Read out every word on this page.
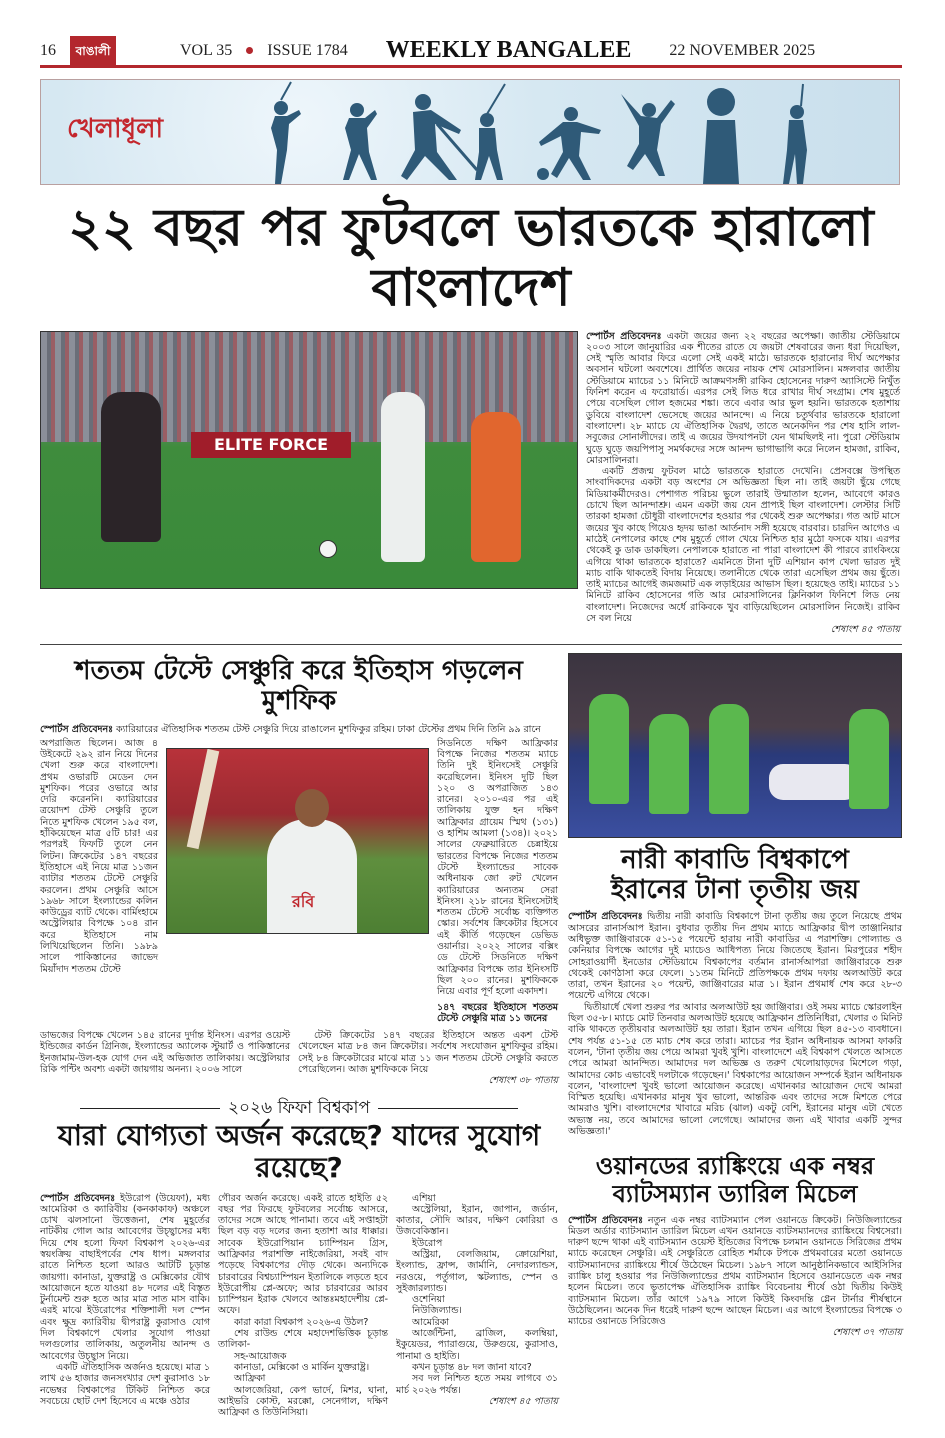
16	বাঙালী	VOL 35 ISSUE 1784 WEEKLY BANGALEE 22 NOVEMBER 2025
খেলাধূলা
২২ বছর পর ফুটবলে ভারতকে হারালো বাংলাদেশ
ELITE FORCE

স্পোর্টস প্রতিবেদনঃ একটা জয়ের জন্য ২২ বছরের অপেক্ষা। জাতীয় স্টেডিয়ামে ২০০৩ সালে জানুয়ারির এক শীতের রাতে যে জয়টা শেষবারের জন্য ধরা দিয়েছিল, সেই স্মৃতি আবার ফিরে এলো সেই একই মাঠে। ভারতকে হারানোর দীর্ঘ অপেক্ষার অবসান ঘটলো অবশেষে। প্রার্থিত জয়ের নায়ক শেখ মোরসালিন। মঙ্গলবার জাতীয় স্টেডিয়ামে ম্যাচের ১১ মিনিটে আক্রমণসঙ্গী রাকিব হোসেনের দারুণ অ্যাসিস্টে নিখুঁত ফিনিশ করেন এ ফরোয়ার্ড। এরপর সেই লিড ধরে রাখার দীর্ঘ সংগ্রাম। শেষ মুহূর্তে পেয়ে বসেছিল গোল হজমের শঙ্কা। তবে এবার আর ভুল হয়নি। ভারতকে হতাশায় ডুবিয়ে বাংলাদেশ ভেসেছে জয়ের আনন্দে। এ নিয়ে চতুর্থবার ভারতকে হারালো বাংলাদেশ। ২৮ ম্যাচে যে ঐতিহাসিক দ্বৈরথ, তাতে অনেকদিন পর শেষ হাসি লাল-সবুজের সোনালীদের। তাই এ জয়ের উদযাপনটা যেন থামছিলই না। পুরো স্টেডিয়াম ঘুড়ে ঘুড়ে জয়পিপাসু সমর্থকদের সঙ্গে আনন্দ ভাগাভাগি করে নিলেন হামজা, রাকিব, মোরসালিনরা।

একটি প্রজন্ম ফুটবল মাঠে ভারতকে হারাতে দেখেনি। প্রেসবক্সে উপস্থিত সাংবাদিকদের একটা বড় অংশের সে অভিজ্ঞতা ছিল না। তাই জয়টা ছুঁয়ে গেছে মিডিয়াকর্মীদেরও। পেশাগত পরিচয় ভুলে তারাই উন্মাতাল হলেন, আবেগে কারও চোখে ছিল আনন্দাশ্রু। এমন একটা জয় যেন প্রাপ্যই ছিল বাংলাদেশ। লেস্টার সিটি তারকা হামজা চৌধুরী বাংলাদেশের হওয়ার পর থেকেই শুরু অপেক্ষার। গত আট মাসে জয়ের খুব কাছে গিয়েও হৃদয় ভাঙা আর্তনাদ সঙ্গী হয়েছে বারবার। চারদিন আগেও এ মাঠেই নেপালের কাছে শেষ মুহূর্তে গোল খেয়ে নিশ্চিত হার মুঠো ফসকে যায়। এরপর থেকেই কু ডাক ডাকছিল। নেপালকে হারাতে না পারা বাংলাদেশ কী পারবে র‍্যাংকিংয়ে এগিয়ে থাকা ভারতকে হারাতে? এমনিতে টানা দুটি এশিয়ান কাপ খেলা ভারত দুই ম্যাচ বাকি থাকতেই বিদায় নিয়েছে। তলানীতে থেকে তারা এসেছিল প্রথম জয় ছুঁতে। তাই ম্যাচের আগেই জমজমাট এক লড়াইয়ের আভাস ছিল। হয়েছেও তাই। ম্যাচের ১১ মিনিটে রাকিব হোসেনের গতি আর মোরসালিনের ক্লিনিকাল ফিনিশে লিড নেয় বাংলাদেশ। নিজেদের অর্ধে রাকিবকে খুব বাড়িয়েছিলেন মোরসালিন নিজেই। রাকিব সে বল নিয়ে

শেষাংশ ৪৫ পাতায়
শততম টেস্টে সেঞ্চুরি করে ইতিহাস গড়লেন মুশফিক
স্পোর্টস প্রতিবেদনঃ ক্যারিয়ারের ঐতিহাসিক শততম টেস্ট সেঞ্চুরি দিয়ে রাঙালেন মুশফিকুর রহিম। ঢাকা টেস্টের প্রথম দিনি তিনি ৯৯ রানে
অপরাজিত ছিলেন। আজ ৪ উইকেটে ২৯২ রান নিয়ে দিনের খেলা শুরু করে বাংলাদেশ। প্রথম ওভারটি মেডেন দেন মুশফিক। পরের ওভারে আর দেরি করেননি। ক্যারিয়ারের ত্রয়োদশ টেস্ট সেঞ্চুরি তুলে নিতে মুশফিক খেলেন ১৯৫ বল, হাঁকিয়েছেন মাত্র ৫টি চার! এর পরপরই ফিফটি তুলে নেন লিটন। ক্রিকেটের ১৪৭ বছরের ইতিহাসে এই নিয়ে মাত্র ১১জন ব্যাটার শততম টেস্টে সেঞ্চুরি করলেন। প্রথম সেঞ্চুরি আসে ১৯৬৮ সালে ইংল্যান্ডের কলিন কাউড্রের ব্যাট থেকে। বার্মিংহামে অস্ট্রেলিয়ার বিপক্ষে ১০৪ রান করে ইতিহাসে নাম লিখিয়েছিলেন তিনি। ১৯৮৯ সালে পাকিস্তানের জাভেদ মিয়াঁদাদ শততম টেস্টে
রবি
সিডনিতে দক্ষিণ আফ্রিকার বিপক্ষে নিজের শততম ম্যাচে তিনি দুই ইনিংসেই সেঞ্চুরি করেছিলেন। ইনিংস দুটি ছিল ১২০ ও অপরাজিত ১৪৩ রানের। ২০১০-এর পর এই তালিকায় যুক্ত হন দক্ষিণ আফ্রিকার গ্রায়েম স্মিথ (১৩১) ও হাশিম আমলা (১৩৪)। ২০২১ সালের ফেব্রুয়ারিতে চেন্নাইয়ে ভারতের বিপক্ষে নিজের শততম টেস্টে ইংল্যান্ডের সাবেক অধিনায়ক জো রুট খেলেন ক্যারিয়ারের অন্যতম সেরা ইনিংস। ২১৮ রানের ইনিংসেটাই শততম টেস্টে সর্বোচ্চ ব্যক্তিগত স্কোর। সর্বশেষ ক্রিকেটার হিসেবে এই কীর্তি গড়েছেন ডেভিড ওয়ার্নার। ২০২২ সালের বক্সিং ডে টেস্টে সিডনিতে দক্ষিণ আফ্রিকার বিপক্ষে তার ইনিংসটি ছিল ২০০ রানের। মুশফিককে নিয়ে এবার পূর্ণ হলো একাদশ।
১৪৭ বছরের ইতিহাসে শততম টেস্টে সেঞ্চুরি মাত্র ১১ জনের
ডাভজের বিপক্ষে খেলেন ১৪৫ রানের দুর্দান্ত ইনিংস। এরপর ওয়েস্ট ইন্ডিজের কার্ডন গ্রিনিজ, ইংল্যান্ডের অ্যালেক স্টুয়ার্ট ও পাকিস্তানের ইনজামাম-উল-হক যোগ দেন এই অভিজাত তালিকায়। অস্ট্রেলিয়ার রিকি পন্টিং অবশ্য একটা জায়গায় অনন্য। ২০০৬ সালে

টেস্ট ক্রিকেটের ১৪৭ বছরের ইতিহাসে অন্তত একশ টেস্ট খেলেছেন মাত্র ৮৪ জন ক্রিকেটার। সর্বশেষ সংযোজন মুশফিকুর রহিম। সেই ৮৪ ক্রিকেটারের মাঝে মাত্র ১১ জন শততম টেস্টে সেঞ্চুরি করতে পেরেছিলেন। আজ মুশফিককে নিয়ে

শেষাংশ ৩৮ পাতায়
২০২৬ ফিফা বিশ্বকাপ
যারা যোগ্যতা অর্জন করেছে? যাদের সুযোগ রয়েছে?

স্পোর্টস প্রতিবেদনঃ ইউরোপ (উয়েফা), মধ্য আমেরিকা ও ক্যারিবীয় (কনকাকাফ) অঞ্চলে চোখ ঝলসানো উত্তেজনা, শেষ মুহূর্তের নাটকীয় গোল আর আবেগের উচ্ছ্বাসের মধ্য দিয়ে শেষ হলো ফিফা বিশ্বকাপ ২০২৬-এর স্বয়ংক্রিয় বাছাইপর্বের শেষ ধাপ। মঙ্গলবার রাতে নিশ্চিত হলো আরও আটটি চূড়ান্ত জায়গা। কানাডা, যুক্তরাষ্ট্র ও মেক্সিকোর যৌথ আয়োজনে হতে যাওয়া ৪৮ দলের এই বিস্তৃত টুর্নামেন্ট শুরু হতে আর মাত্র সাত মাস বাকি। এরই মাঝে ইউরোপের শক্তিশালী দল স্পেন এবং ক্ষুদ্র ক্যারিবীয় দ্বীপরাষ্ট্র কুরাসাও যোগ দিল বিশ্বকাপে খেলার সুযোগ পাওয়া দলগুলোর তালিকায়, অতুলনীয় আনন্দ ও আবেগের উচ্ছ্বাস নিয়ে।

একটি ঐতিহাসিক অর্জনও হয়েছে। মাত্র ১ লাখ ৫৬ হাজার জনসংখ্যার দেশ কুরাসাও ১৮ নভেম্বর বিশ্বকাপের টিকিট নিশ্চিত করে সবচেয়ে ছোট দেশ হিসেবে এ মঞ্চে ওঠার

গৌরব অর্জন করেছে। একই রাতে হাইতি ৫২ বছর পর ফিরছে ফুটবলের সর্বোচ্চ আসরে, তাদের সঙ্গে আছে পানামা। তবে এই সপ্তাহটা ছিল বড় বড় দলের জন্য হতাশা আর ধাক্কার। সাবেক ইউরোপিয়ান চ্যাম্পিয়ন গ্রিস, আফ্রিকার পরাশক্তি নাইজেরিয়া, সবই বাদ পড়েছে বিশ্বকাপের দৌড় থেকে। অন্যদিকে চারবারের বিশ্বচ্যাম্পিয়ন ইতালিকে লড়তে হবে ইউরোপীয় প্লে-অফে; আর চারবারের আরব চ্যাম্পিয়ন ইরাক খেলবে আন্তঃমহাদেশীয় প্লে-অফে।

কারা কারা বিশ্বকাপ ২০২৬-এ উঠল?

শেষ রাউন্ড শেষে মহাদেশভিত্তিক চূড়ান্ত তালিকা-

সহ-আয়োজক

কানাডা, মেক্সিকো ও মার্কিন যুক্তরাষ্ট্র।

আফ্রিকা

আলজেরিয়া, কেপ ভার্দে, মিশর, ঘানা, আইভরি কোস্ট, মরক্কো, সেনেগাল, দক্ষিণ আফ্রিকা ও তিউনিসিয়া।

এশিয়া

অস্ট্রেলিয়া, ইরান, জাপান, জর্ডান, কাতার, সৌদি আরব, দক্ষিণ কোরিয়া ও উজবেকিস্তান।

ইউরোপ

অস্ট্রিয়া, বেলজিয়াম, ক্রোয়েশিয়া, ইংল্যান্ড, ফ্রান্স, জার্মানি, নেদারল্যান্ডস, নরওয়ে, পর্তুগাল, স্কটল্যান্ড, স্পেন ও সুইজারল্যান্ড।

ওশেনিয়া

নিউজিল্যান্ড।

আমেরিকা

আর্জেন্টিনা, ব্রাজিল, কলম্বিয়া, ইকুয়েডর, প্যারাগুয়ে, উরুগুয়ে, কুরাসাও, পানামা ও হাইতি।

কখন চূড়ান্ত ৪৮ দল জানা যাবে?

সব দল নিশ্চিত হতে সময় লাগবে ৩১ মার্চ ২০২৬ পর্যন্ত।

শেষাংশ ৪৫ পাতায়
নারী কাবাডি বিশ্বকাপে
ইরানের টানা তৃতীয় জয়

স্পোর্টস প্রতিবেদনঃ দ্বিতীয় নারী কাবাডি বিশ্বকাপে টানা তৃতীয় জয় তুলে নিয়েছে প্রথম আসরের রানার্সআপ ইরান। বুধবার তৃতীয় দিন প্রথম ম্যাচে আফ্রিকার দ্বীপ তাঞ্জানিয়ার অধিভুক্ত জাঞ্জিবারকে ৫১-১৫ পয়েন্টে হারায় নারী কাবাডির এ পরাশক্তি। পোল্যান্ড ও কেনিয়ার বিপক্ষে আগের দুই ম্যাচেও আধিপত্য নিয়ে জিতেছে ইরান। মিরপুরের শহীদ সোহরাওয়ার্দী ইনডোর স্টেডিয়ামে বিশ্বকাপের বর্তমান রানার্সআপরা জাঞ্জিবারকে শুরু থেকেই কোণঠাসা করে ফেলে। ১১তম মিনিটে প্রতিপক্ষকে প্রথম দফায় অলআউট করে তারা, তখন ইরানের ২০ পয়েন্ট, জাঞ্জিবারের মাত্র ১। ইরান প্রথমার্ধ শেষ করে ২৮-৩ পয়েন্টে এগিয়ে থেকে।

দ্বিতীয়ার্ধে খেলা শুরুর পর আবার অলআউট হয় জাঞ্জিবার। ওই সময় ম্যাচে স্কোরলাইন ছিল ৩৫-৮। ম্যাচে মোট তিনবার অলআউট হয়েছে আফ্রিকান প্রতিনিধিরা, খেলার ৩ মিনিট বাকি থাকতে তৃতীয়বার অলআউট হয় তারা। ইরান তখন এগিয়ে ছিল ৪৫-১৩ ব্যবধানে। শেষ পর্যন্ত ৫১-১৫ তে ম্যাচ শেষ করে তারা। ম্যাচের পর ইরান অধিনায়ক আসমা ফাকরি বলেন, 'টানা তৃতীয় জয় পেয়ে আমরা খুবই খুশি। বাংলাদেশে এই বিশ্বকাপ খেলতে আসতে পেরে আমরা আনন্দিত। আমাদের দল অভিজ্ঞ ও তরুণ খেলোয়াড়দের মিশেলে গড়া, আমাদের কোচ এভাবেই দলটাকে গড়েছেন।' বিশ্বকাপের আয়োজন সম্পর্কে ইরান অধিনায়ক বলেন, 'বাংলাদেশ খুবই ভালো আয়োজন করেছে। এখানকার আয়োজন দেখে আমরা বিস্মিত হয়েছি। এখানকার মানুষ খুব ভালো, আন্তরিক এবং তাদের সঙ্গে মিশতে পেরে আমরাও খুশি। বাংলাদেশের খাবারে মরিচ (ঝাল) একটু বেশি, ইরানের মানুষ এটা খেতে অভ্যস্ত নয়, তবে আমাদের ভালো লেগেছে। আমাদের জন্য এই খাবার একটি সুন্দর অভিজ্ঞতা।'

ওয়ানডের র‍্যাঙ্কিংয়ে এক নম্বর
ব্যাটসম্যান ড্যারিল মিচেল

স্পোর্টস প্রতিবেদনঃ নতুন এক নম্বর ব্যাটসম্যান পেল ওয়ানডে ক্রিকেট। নিউজিল্যান্ডের মিডল অর্ডার ব্যাটসম্যান ড্যারিল মিচেল এখন ওয়ানডে ব্যাটসম্যানদের র‍্যাঙ্কিংয়ে বিশ্বসেরা। দারুণ ছন্দে থাকা এই ব্যাটসম্যান ওয়েস্ট ইন্ডিজের বিপক্ষে চলমান ওয়ানডে সিরিজের প্রথম ম্যাচে করেছেন সেঞ্চুরি। এই সেঞ্চুরিতে রোহিত শর্মাকে টপকে প্রথমবারের মতো ওয়ানডে ব্যাটসম্যানদের র‍্যাঙ্কিংয়ে শীর্ষে উঠেছেন মিচেল। ১৯৮৭ সালে আনুষ্ঠানিকভাবে আইসিসির র‍্যাঙ্কিং চালু হওয়ার পর নিউজিল্যান্ডের প্রথম ব্যাটসম্যান হিসেবে ওয়ানডেতে এক নম্বর হলেন মিচেল। তবে ভূতাপেক্ষ ঐতিহাসিক র‍্যাঙ্কিং বিবেচনায় শীর্ষে ওঠা দ্বিতীয় কিউই ব্যাটসম্যান মিচেল। তাঁর আগে ১৯৭৯ সালে কিউই কিংবদন্তি গ্লেন টার্নার শীর্ষস্থানে উঠেছিলেন। অনেক দিন ধরেই দারুণ ছন্দে আছেন মিচেল। এর আগে ইংল্যান্ডের বিপক্ষে ৩ ম্যাচের ওয়ানডে সিরিজেও

শেষাংশ ৩৭ পাতায়
